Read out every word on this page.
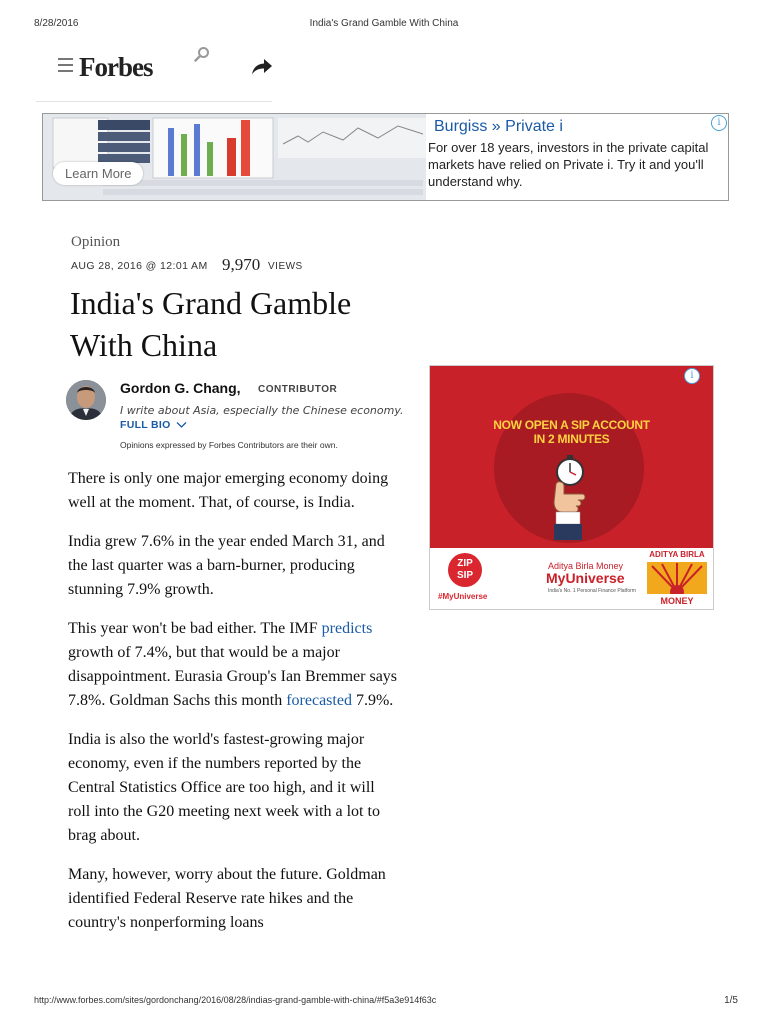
8/28/2016	India's Grand Gamble With China
Forbes
Learn More
Burgiss » Private i
For over 18 years, investors in the private capital markets have relied on Private i. Try it and you'll understand why.
i
Opinion
AUG 28, 2016 @ 12:01 AM 9,970 VIEWS
India's Grand Gamble With China
Gordon G. Chang, CONTRIBUTOR
I write about Asia, especially the Chinese economy.
FULL BIO
Opinions expressed by Forbes Contributors are their own.

There is only one major emerging economy doing well at the moment. That, of course, is India.

India grew 7.6% in the year ended March 31, and the last quarter was a barn-burner, producing stunning 7.9% growth.

This year won't be bad either. The IMF predicts growth of 7.4%, but that would be a major disappointment. Eurasia Group's Ian Bremmer says 7.8%. Goldman Sachs this month forecasted 7.9%.

India is also the world's fastest-growing major economy, even if the numbers reported by the Central Statistics Office are too high, and it will roll into the G20 meeting next week with a lot to brag about.

Many, however, worry about the future. Goldman identified Federal Reserve rate hikes and the country's nonperforming loans

NOW OPEN A SIP ACCOUNT
IN 2 MINUTES
ZIP
SIP
#MyUniverse
Aditya Birla Money
MyUniverse
India's No. 1 Personal Finance Platform
ADITYA BIRLA
MONEY
i
http://www.forbes.com/sites/gordonchang/2016/08/28/indias-grand-gamble-with-china/#f5a3e914f63c	1/5
